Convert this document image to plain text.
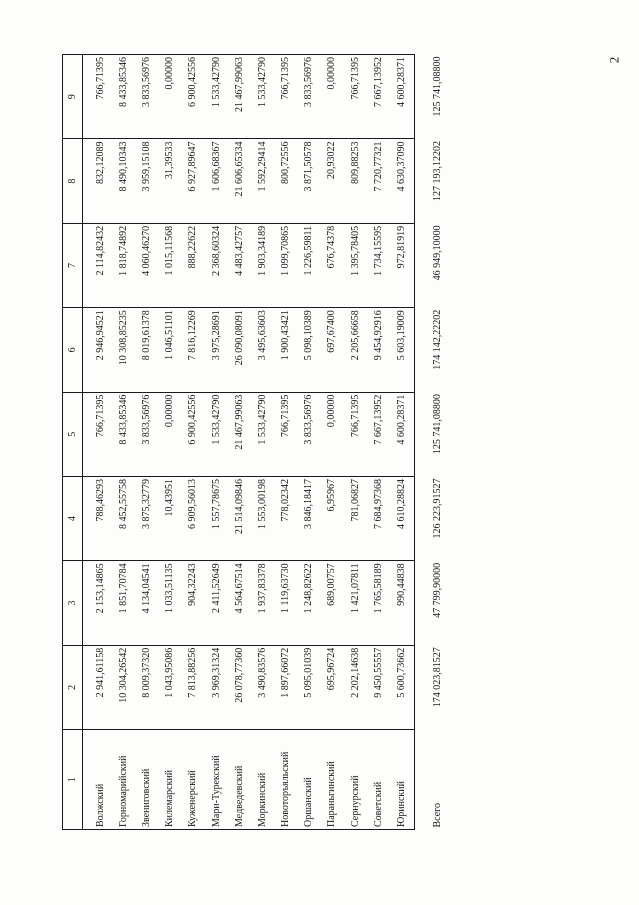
2
1	2	3	4	5	6	7	8	9
Волжский	2 941,61158	2 153,14865	788,46293	766,71395	2 946,94521	2 114,82432	832,12089	766,71395
Горномарийский	10 304,26542	1 851,70784	8 452,55758	8 433,85346	10 308,85235	1 818,74892	8 490,10343	8 433,85346
Звениговский	8 009,37320	4 134,04541	3 875,32779	3 833,56976	8 019,61378	4 060,46270	3 959,15108	3 833,56976
Килемарский	1 043,95086	1 033,51135	10,43951	0,00000	1 046,51101	1 015,11568	31,39533	0,00000
Куженерский	7 813,88256	904,32243	6 909,56013	6 900,42556	7 816,12269	888,22622	6 927,89647	6 900,42556
Мари-Турекский	3 969,31324	2 411,52649	1 557,78675	1 533,42790	3 975,28691	2 368,60324	1 606,68367	1 533,42790
Медведевский	26 078,77360	4 564,67514	21 514,09846	21 467,99063	26 090,08091	4 483,42757	21 606,65334	21 467,99063
Моркинский	3 490,83576	1 937,83378	1 553,00198	1 533,42790	3 495,63603	1 903,34189	1 592,29414	1 533,42790
Новоторъяльский	1 897,66072	1 119,63730	778,02342	766,71395	1 900,43421	1 099,70865	800,72556	766,71395
Оршанский	5 095,01039	1 248,82622	3 846,18417	3 833,56976	5 098,10389	1 226,59811	3 871,50578	3 833,56976
Параньгинский	695,96724	689,00757	6,95967	0,00000	697,67400	676,74378	20,93022	0,00000
Сернурский	2 202,14638	1 421,07811	781,06827	766,71395	2 205,66658	1 395,78405	809,88253	766,71395
Советский	9 450,55557	1 765,58189	7 684,97368	7 667,13952	9 454,92916	1 734,15595	7 720,77321	7 667,13952
Юринский	5 600,73662	990,44838	4 610,28824	4 600,28371	5 603,19009	972,81919	4 630,37090	4 600,28371
Всего	174 023,81527	47 799,90000	126 223,91527	125 741,08800	174 142,22202	46 949,10000	127 193,12202	125 741,08800
